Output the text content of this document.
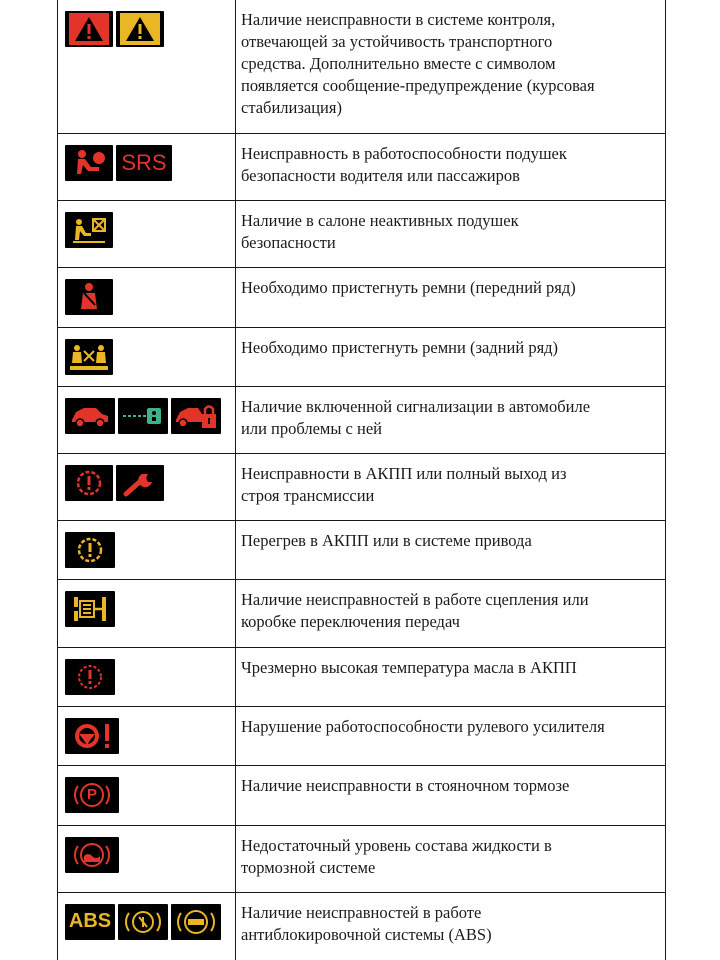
	Наличие неисправности в системе контроля,
отвечающей за устойчивость транспортного
средства. Дополнительно вместе с символом
появляется сообщение-предупреждение (курсовая
стабилизация)

SRS	Неисправность в работоспособности подушек
безопасности водителя или пассажиров

	Наличие в салоне неактивных подушек
безопасности

	Необходимо пристегнуть ремни (передний ряд)

	Необходимо пристегнуть ремни (задний ряд)

	Наличие включенной сигнализации в автомобиле
или проблемы с ней

	Неисправности в АКПП или полный выход из
строя трансмиссии

	Перегрев в АКПП или в системе привода

	Наличие неисправностей в работе сцепления или
коробке переключения передач

	Чрезмерно высокая температура масла в АКПП

	Нарушение работоспособности рулевого усилителя

P	Наличие неисправности в стояночном тормозе

	Недостаточный уровень состава жидкости в
тормозной системе

ABS	Наличие неисправностей в работе
антиблокировочной системы (ABS)
